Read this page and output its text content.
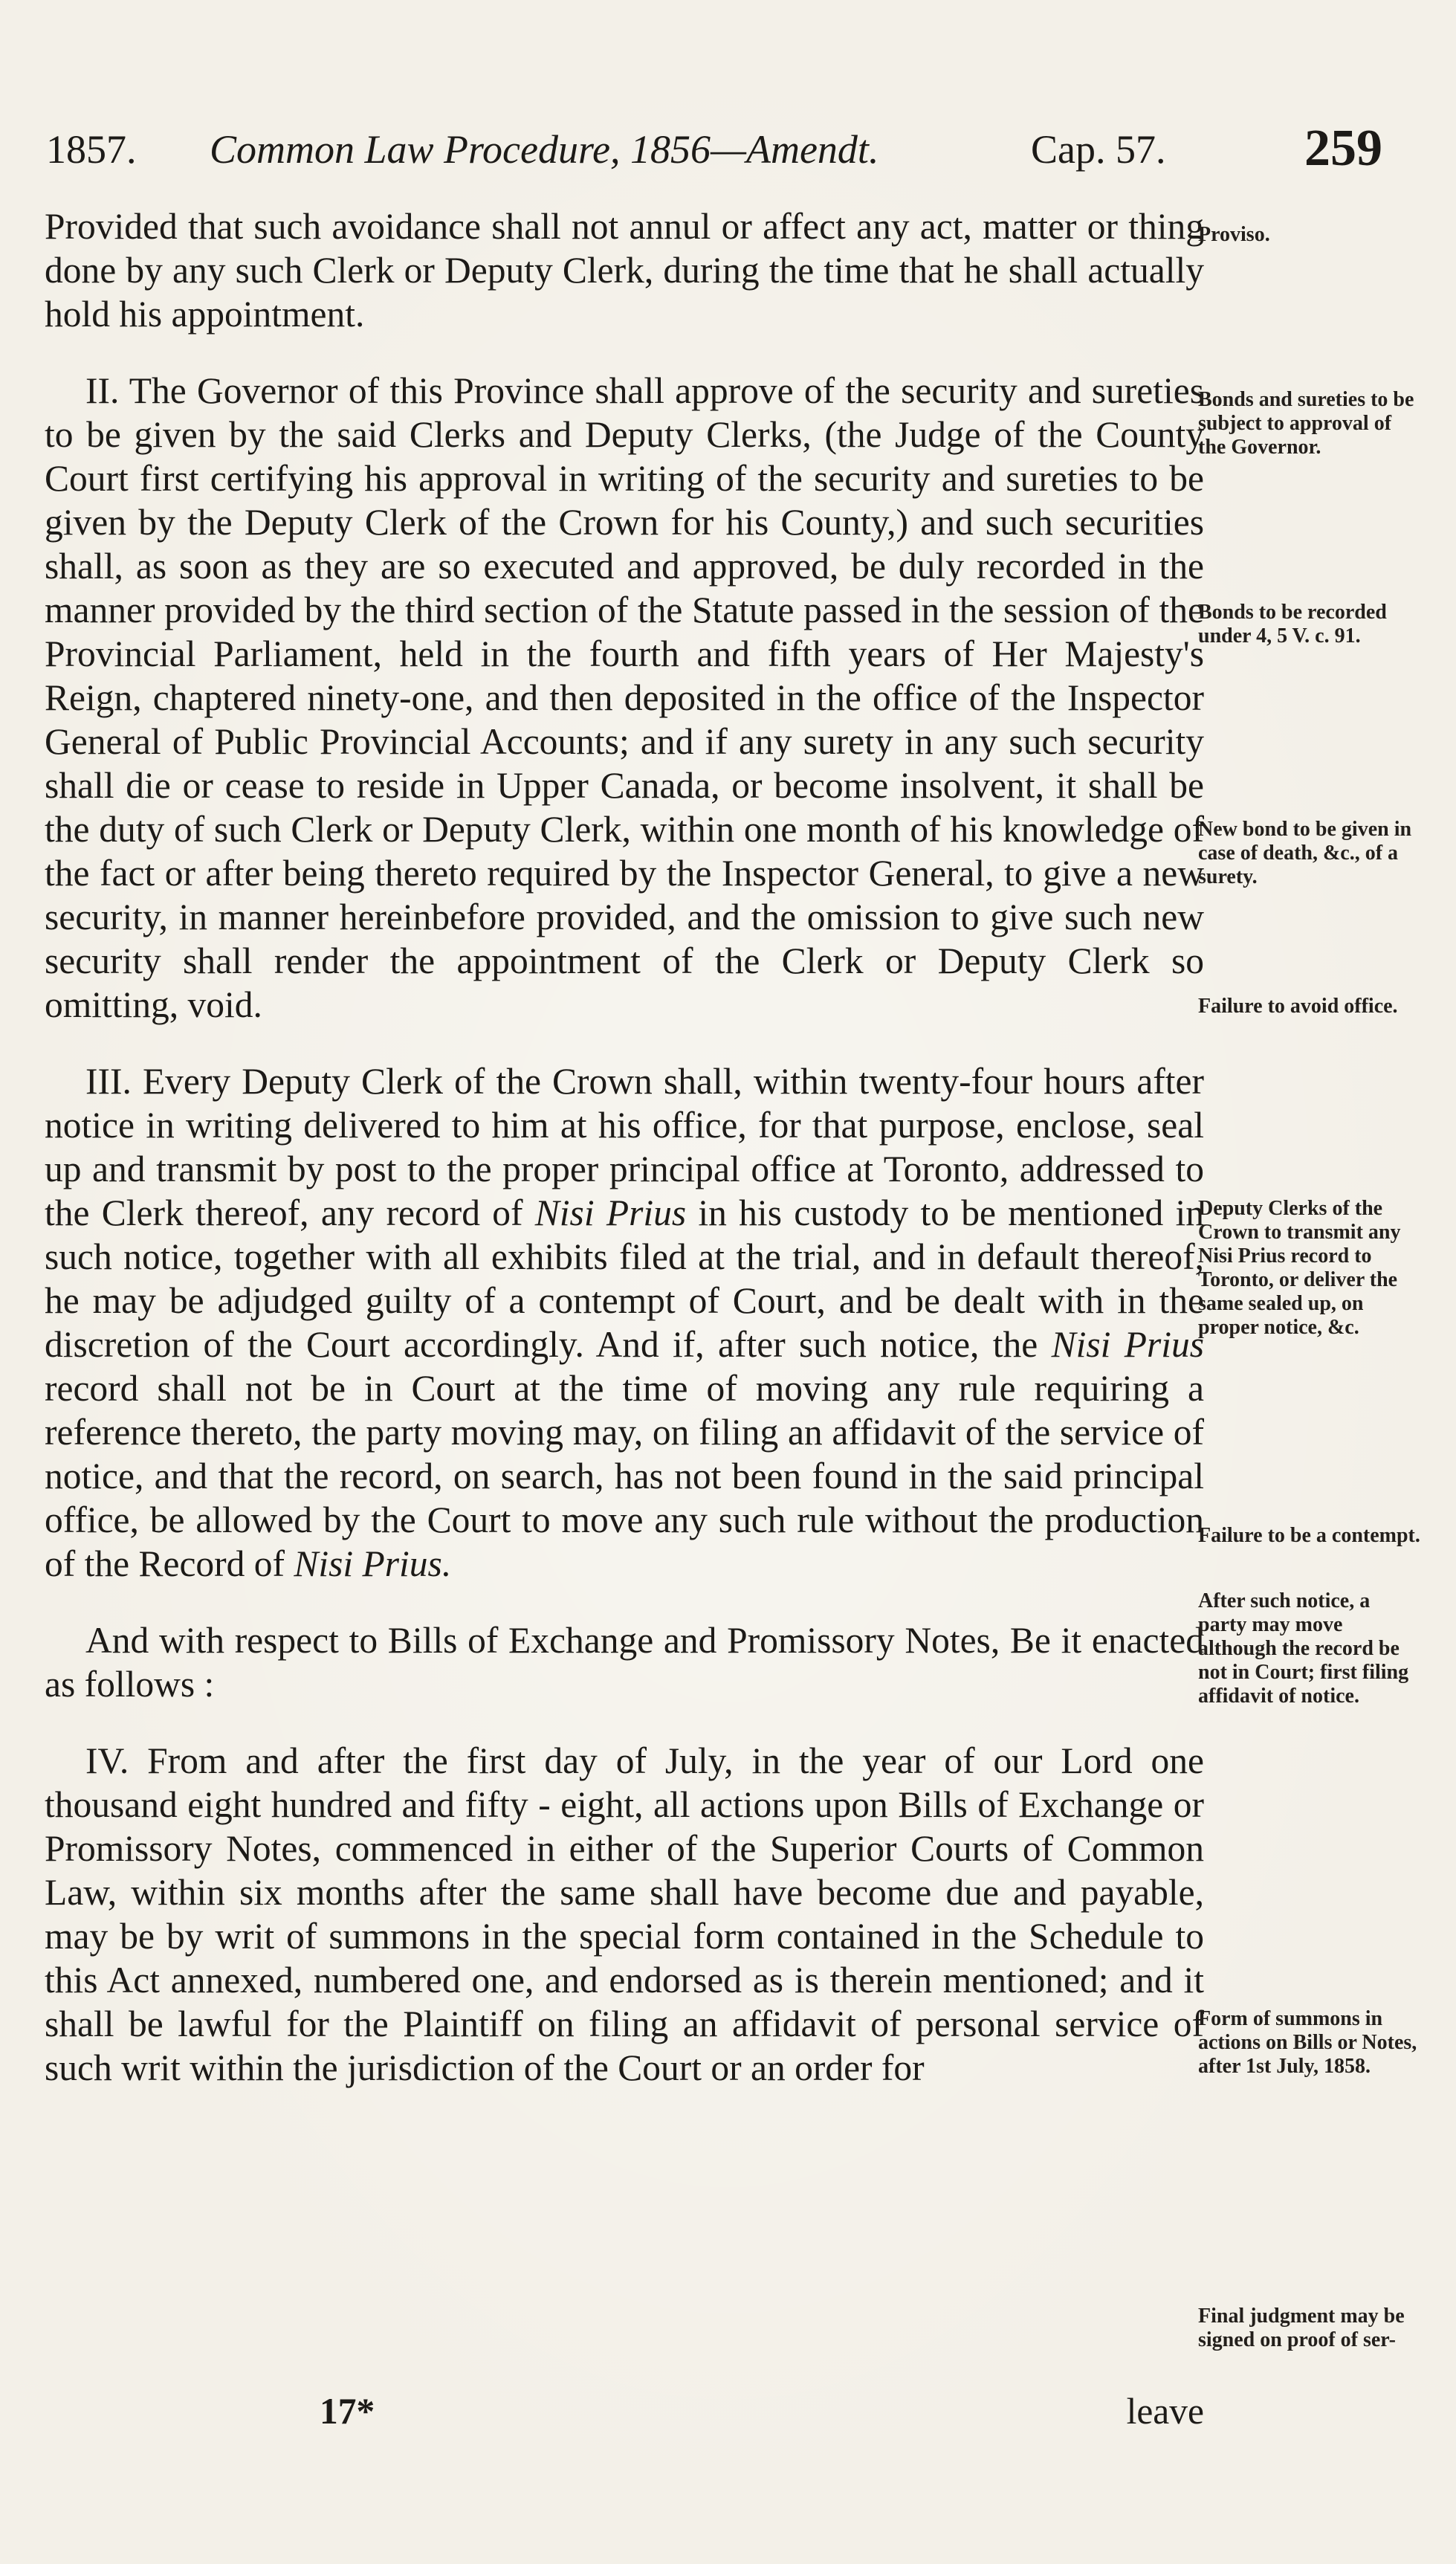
1857. Common Law Procedure, 1856—Amendt.	Cap. 57.	259

Provided that such avoidance shall not annul or affect any act, matter or thing done by any such Clerk or Deputy Clerk, during the time that he shall actually hold his appointment.

II. The Governor of this Province shall approve of the security and sureties to be given by the said Clerks and Deputy Clerks, (the Judge of the County Court first certifying his approval in writing of the security and sureties to be given by the Deputy Clerk of the Crown for his County,) and such securities shall, as soon as they are so executed and approved, be duly recorded in the manner provided by the third section of the Statute passed in the session of the Provincial Parliament, held in the fourth and fifth years of Her Majesty's Reign, chaptered ninety-one, and then deposited in the office of the Inspector General of Public Provincial Accounts; and if any surety in any such security shall die or cease to reside in Upper Canada, or become insolvent, it shall be the duty of such Clerk or Deputy Clerk, within one month of his knowledge of the fact or after being thereto required by the Inspector General, to give a new security, in manner hereinbefore provided, and the omission to give such new security shall render the appointment of the Clerk or Deputy Clerk so omitting, void.

III. Every Deputy Clerk of the Crown shall, within twenty-four hours after notice in writing delivered to him at his office, for that purpose, enclose, seal up and transmit by post to the proper principal office at Toronto, addressed to the Clerk thereof, any record of Nisi Prius in his custody to be mentioned in such notice, together with all exhibits filed at the trial, and in default thereof, he may be adjudged guilty of a contempt of Court, and be dealt with in the discretion of the Court accordingly. And if, after such notice, the Nisi Prius record shall not be in Court at the time of moving any rule requiring a reference thereto, the party moving may, on filing an affidavit of the service of notice, and that the record, on search, has not been found in the said principal office, be allowed by the Court to move any such rule without the production of the Record of Nisi Prius.

And with respect to Bills of Exchange and Promissory Notes, Be it enacted as follows :

IV. From and after the first day of July, in the year of our Lord one thousand eight hundred and fifty - eight, all actions upon Bills of Exchange or Promissory Notes, commenced in either of the Superior Courts of Common Law, within six months after the same shall have become due and payable, may be by writ of summons in the special form contained in the Schedule to this Act annexed, numbered one, and endorsed as is therein mentioned; and it shall be lawful for the Plaintiff on filing an affidavit of personal service of such writ within the jurisdiction of the Court or an order for

Proviso.
Bonds and sureties to be subject to approval of the Governor.
Bonds to be recorded under 4, 5 V. c. 91.
New bond to be given in case of death, &c., of a surety.
Failure to avoid office.
Deputy Clerks of the Crown to transmit any Nisi Prius record to Toronto, or deliver the same sealed up, on proper notice, &c.
Failure to be a contempt.
After such notice, a party may move although the record be not in Court; first filing affidavit of notice.
Form of summons in actions on Bills or Notes, after 1st July, 1858.
Final judgment may be signed on proof of ser-
17*	leave
